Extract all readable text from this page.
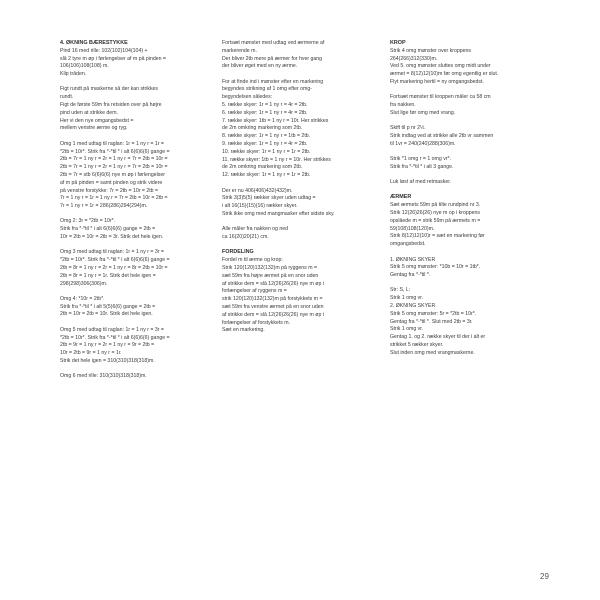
4. ØKNING BÆRESTYKKE
Pind 16 med rille: 102(102)104(104) +
slå 2 tyre m øp i førlengelser af m på pinden =
106(106)108(108) m.
Klip tråden.
Figt rundt på maskerne så der kan strikkes
rundt.
Figt de første 59m fra retsiden over på højre
pind uden at strikke dem.
Her vi den nye omgangsbedst =
mellem venstre ærme og ryg.
Omg 1 med udtag til raglan: 1r = 1 ny r = 1r =
*2tb = 10r*. Strik fra *-*til * i alt 6(6)6(6) gange =
2tb = 7r = 1 ny r = 2r = 1 ny r = 7r = 2tb = 10r =
2tb = 7r = 1 ny r = 2r = 1 ny r = 7r = 2tb = 10r =
2tb = 7r = stb 6(6)6(6) nye m øp i førlengelser
af m på pinden = samt pinden og strik videre
på venstre forstykke: 7r = 2tb = 10r = 2tb =
7r = 1 ny r = 1r = 1 ny r = 7r = 2tb = 10r = 2tb =
7r = 1 ny r = 1r = 286(286)294(294)m.
Omg 2: 3r = *2tb = 10r*.
Strik fra *-*til * i alt 6(6)6(6) gange = 2tb =
10r = 2tb = 10r = 2tb = 3r. Strik det hele igen.
Omg 3 med udtag til raglan: 1r = 1 ny r = 3r =
*2tb = 10r*. Strik fra *-*til * i alt 6(6)6(6) gange =
2tb = 8r = 1 ny r = 2r = 1 ny r = 8r = 2tb = 10r =
2tb = 8r = 1 ny r = 1r. Strik det hele igen =
298(298)306(306)m.
Omg 4: *10r = 2tb*.
Strik fra *-*til * i alt 5(5)6(6) gange = 2tb =
2tb = 10r = 2tb = 10r. Strik det hele igen.
Omg 5 med udtag til raglan: 1r = 1 ny r = 3r =
*2tb = 10r*. Strik fra *-*til * i alt 6(6)6(6) gange =
2tb = 9r = 1 ny r = 2r = 1 ny r = 9r = 2tb =
10r = 2tb = 9r = 1 ny r = 1r.
Strik det hele igen = 310(310)318(318)m.
Omg 6 med rille: 310(310)318(318)m.
Fortsæt mønster med udtag ved ærmerne af
markerende m.
Der bliver 2tb mere på ærmer for hver gang
der bliver øget med en ny ærme.
For at finde ind i mønster efter en markering
begyndes strikning af 1 omg efter omg-
begyndelsen således:
5. række skyer: 1r = 1 ny r = 4r = 2tb.
6. række skyer: 1r = 1 ny r = 4r = 2tb.
7. række skyer: 1tb = 1 ny r = 10r. Her strikkes
de 2m omkring markering som 2tb.
8. række skyer: 1r = 1 ny r = 1tb = 2tb.
9. række skyer: 1r = 1 ny r = 4r = 2tb.
10. række skyer: 1r = 1 ny r = 1r = 2tb.
11. række skyer: 1tb = 1 ny r = 10r. Her strikkes
de 2m omkring markering som 2tb.
12. række skyer: 1r = 1 ny r = 1r = 2tb.
Der er nu 406(406)432(432)m.
Strik 3(3)5(5) rækker skyer uden udtag =
i alt 16(15)(15)(16) rækker skyer.
Strik ikke omg med mangmasker efter sidste sky.
Alle måler fra nakken og ned
ca 16(20)20(21) cm.
FORDELING
Fordel m til ærme og krop:
Strik 120(120)132(132)m på ryggens m =
sæt 59m fra højre ærmet på en snor uden
af strikke dem = slå 12(26)26(26) nye m øp i
forlængelser af ryggens m =
strik 120(120)132(132)m på forstykkets m =
sæt 59m fra venstre ærmet på en snor uden
af strikke dem = slå 12(26)26(26) nye m øp i
forlængelser af forstykkets m.
Sæt en markering.
KROP
Strik 4 omg mønster over kroppens
264(266)312(330)m.
Ved 5. omg mønster sluttes omg midt under
ærmet = 8(12)12(10)m før omg egentlig er slut.
Flyt markering hertil = ny omgangsbedst.
Fortsæt mønster til kroppen måler ca 58 cm
fra nakken.
Slut lige før omg med vrang.
Skift til p nr 2½.
Strik indtag ved at strikke alle 2tb vr sammen
til 1vr = 240(240)288(306)m.
Strik *1 omg r = 1 omg vr*.
Strik fra *-*til * i alt 3 gange.
Luk løst af med retmasker.
ÆRMER
Sæt ærmets 59m på tilte rundpind nr 3.
Strik 12(26)26(26) nye m op i kroppens
opslåede m = strik 59m på ærmets m =
59(108)108(120)m.
Strik 8(12)12(10)r = sæt en markering før
omgangsbedst.
1. ØKNING SKYER
Strik 5 omg mønster: *10b = 10r = 1tb*.
Gentag fra *-*til *.
Str: S, L:
Strik 1 omg vr.
2. ØKNING SKYER
Strik 5 omg mønster: 5r = *2tb = 10r*.
Gentag fra *-*til *. Slut med 2tb = 3r.
Strik 1 omg vr.
Gentag 1. og 2. række skyer til der i alt er
strikket 5 rækker skyer.
Slut inden omg med vrangmaskerne.
29
